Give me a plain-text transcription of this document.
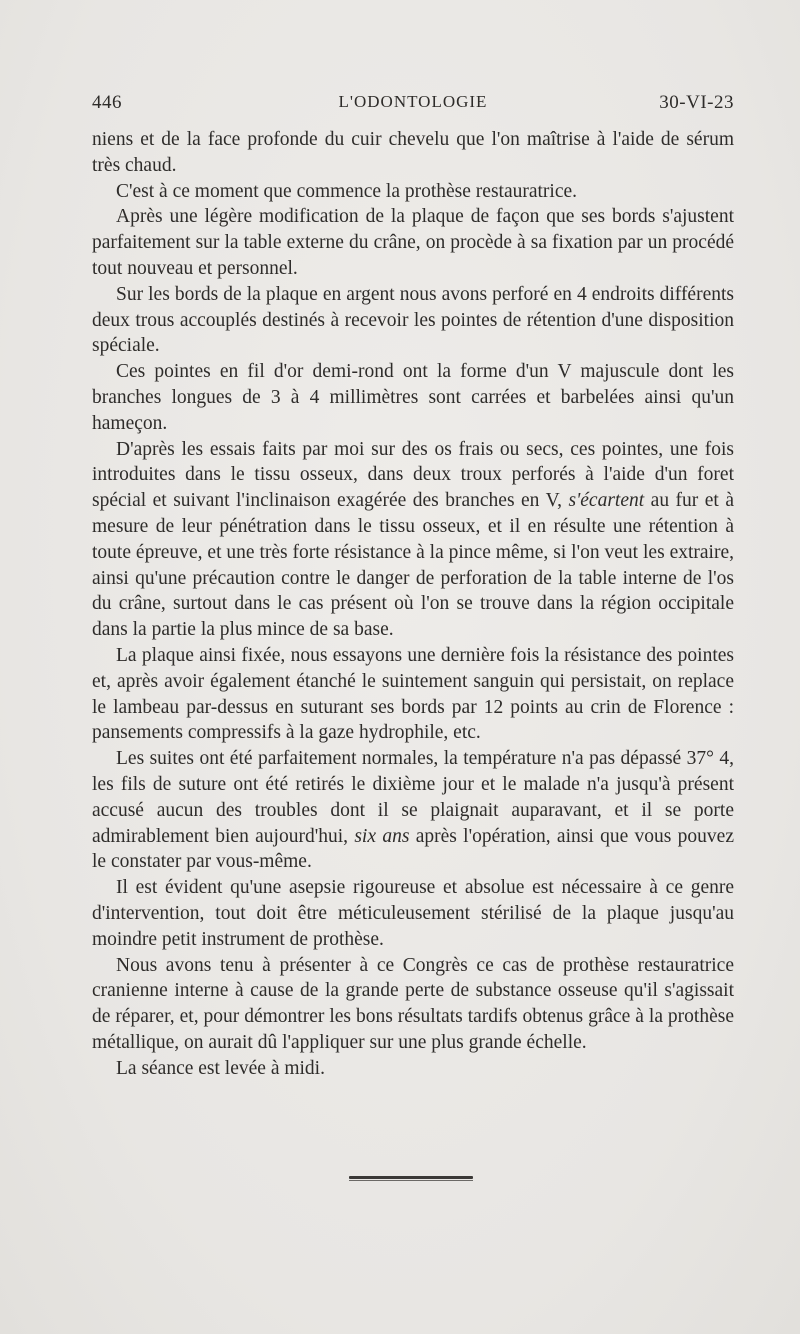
446	L'ODONTOLOGIE	30-VI-23

niens et de la face profonde du cuir chevelu que l'on maîtrise à l'aide de sérum très chaud.

C'est à ce moment que commence la prothèse restauratrice.

Après une légère modification de la plaque de façon que ses bords s'ajustent parfaitement sur la table externe du crâne, on procède à sa fixation par un procédé tout nouveau et personnel.

Sur les bords de la plaque en argent nous avons perforé en 4 endroits différents deux trous accouplés destinés à recevoir les pointes de rétention d'une disposition spéciale.

Ces pointes en fil d'or demi-rond ont la forme d'un V majuscule dont les branches longues de 3 à 4 millimètres sont carrées et barbelées ainsi qu'un hameçon.

D'après les essais faits par moi sur des os frais ou secs, ces pointes, une fois introduites dans le tissu osseux, dans deux troux perforés à l'aide d'un foret spécial et suivant l'inclinaison exagérée des branches en V, s'écartent au fur et à mesure de leur pénétration dans le tissu osseux, et il en résulte une rétention à toute épreuve, et une très forte résistance à la pince même, si l'on veut les extraire, ainsi qu'une précaution contre le danger de perforation de la table interne de l'os du crâne, surtout dans le cas présent où l'on se trouve dans la région occipitale dans la partie la plus mince de sa base.

La plaque ainsi fixée, nous essayons une dernière fois la résistance des pointes et, après avoir également étanché le suintement sanguin qui persistait, on replace le lambeau par-dessus en suturant ses bords par 12 points au crin de Florence : pansements compressifs à la gaze hydrophile, etc.

Les suites ont été parfaitement normales, la température n'a pas dépassé 37° 4, les fils de suture ont été retirés le dixième jour et le malade n'a jusqu'à présent accusé aucun des troubles dont il se plaignait auparavant, et il se porte admirablement bien aujourd'hui, six ans après l'opération, ainsi que vous pouvez le constater par vous-même.

Il est évident qu'une asepsie rigoureuse et absolue est nécessaire à ce genre d'intervention, tout doit être méticuleusement stérilisé de la plaque jusqu'au moindre petit instrument de prothèse.

Nous avons tenu à présenter à ce Congrès ce cas de prothèse restauratrice cranienne interne à cause de la grande perte de substance osseuse qu'il s'agissait de réparer, et, pour démontrer les bons résultats tardifs obtenus grâce à la prothèse métallique, on aurait dû l'appliquer sur une plus grande échelle.

La séance est levée à midi.
